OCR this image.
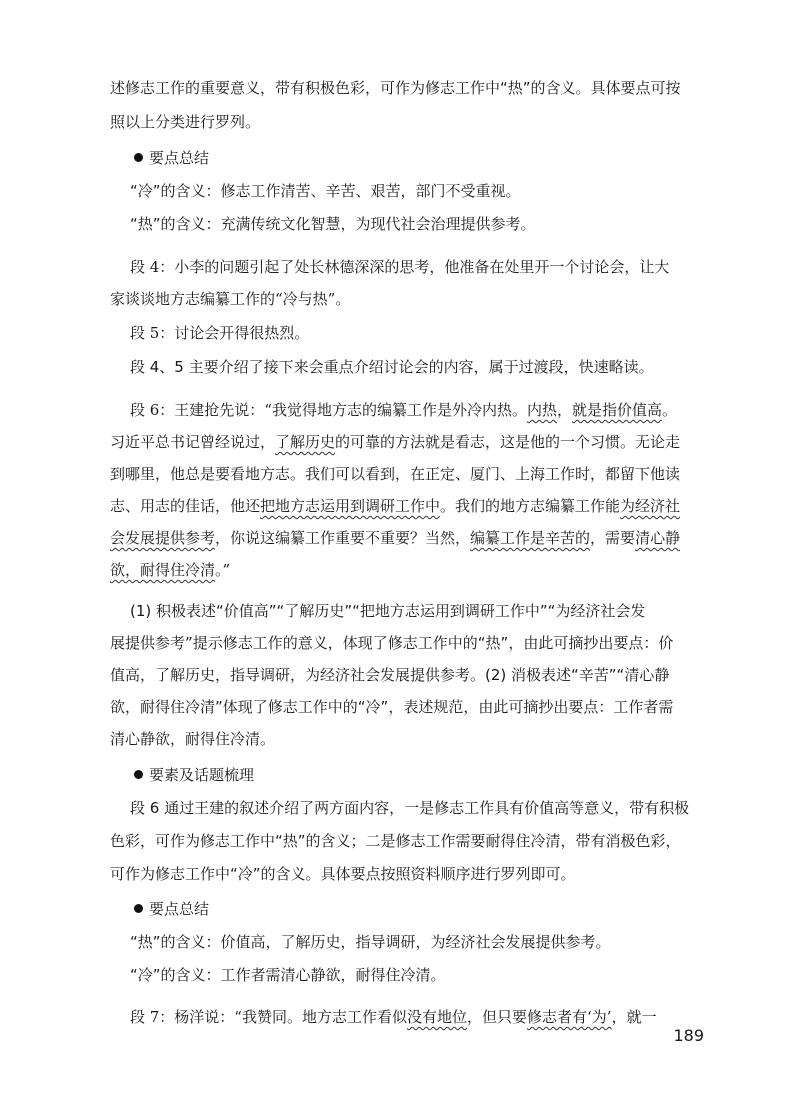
述修志工作的重要意义，带有积极色彩，可作为修志工作中“热”的含义。具体要点可按
照以上分类进行罗列。
要点总结
“冷”的含义：修志工作清苦、辛苦、艰苦，部门不受重视。
“热”的含义：充满传统文化智慧，为现代社会治理提供参考。
段 4：小李的问题引起了处长林德深深的思考，他准备在处里开一个讨论会，让大
家谈谈地方志编纂工作的“冷与热”。
段 5：讨论会开得很热烈。
段 4、5 主要介绍了接下来会重点介绍讨论会的内容，属于过渡段，快速略读。
段 6：王建抢先说：“我觉得地方志的编纂工作是外冷内热。内热，就是指价值高。
习近平总书记曾经说过，了解历史的可靠的方法就是看志，这是他的一个习惯。无论走
到哪里，他总是要看地方志。我们可以看到，在正定、厦门、上海工作时，都留下他读
志、用志的佳话，他还把地方志运用到调研工作中。我们的地方志编纂工作能为经济社
会发展提供参考，你说这编纂工作重要不重要？当然，编纂工作是辛苦的，需要清心静
欲，耐得住冷清。”
(1) 积极表述“价值高”“了解历史”“把地方志运用到调研工作中”“为经济社会发
展提供参考”提示修志工作的意义，体现了修志工作中的“热”，由此可摘抄出要点：价
值高，了解历史，指导调研，为经济社会发展提供参考。(2) 消极表述“辛苦”“清心静
欲，耐得住冷清”体现了修志工作中的“冷”，表述规范，由此可摘抄出要点：工作者需
清心静欲，耐得住冷清。
要素及话题梳理
段 6 通过王建的叙述介绍了两方面内容，一是修志工作具有价值高等意义，带有积极
色彩，可作为修志工作中“热”的含义；二是修志工作需要耐得住冷清，带有消极色彩，
可作为修志工作中“冷”的含义。具体要点按照资料顺序进行罗列即可。
要点总结
“热”的含义：价值高，了解历史，指导调研，为经济社会发展提供参考。
“冷”的含义：工作者需清心静欲，耐得住冷清。
段 7：杨洋说：“我赞同。地方志工作看似没有地位，但只要修志者有‘为’，就一
189
